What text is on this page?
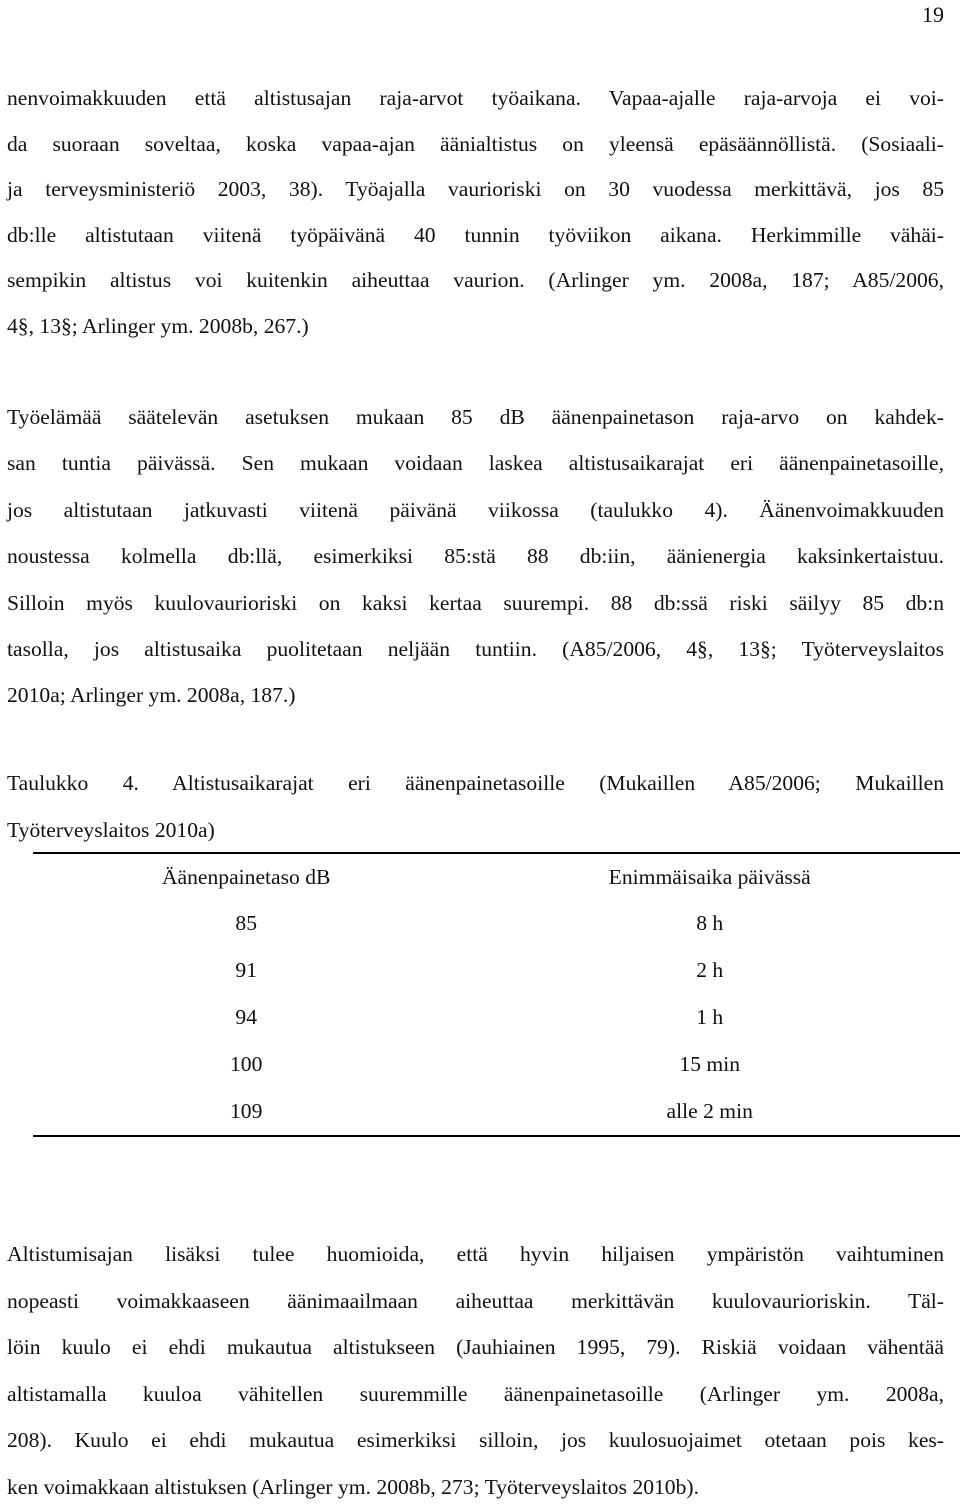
19

nenvoimakkuuden että altistusajan raja-arvot työaikana. Vapaa-ajalle raja-arvoja ei voi-
da suoraan soveltaa, koska vapaa-ajan äänialtistus on yleensä epäsäännöllistä. (Sosiaali-
ja terveysministeriö 2003, 38). Työajalla vaurioriski on 30 vuodessa merkittävä, jos 85
db:lle altistutaan viitenä työpäivänä 40 tunnin työviikon aikana. Herkimmille vähäi-
sempikin altistus voi kuitenkin aiheuttaa vaurion. (Arlinger ym. 2008a, 187; A85/2006,
4§, 13§; Arlinger ym. 2008b, 267.)

Työelämää säätelevän asetuksen mukaan 85 dB äänenpainetason raja-arvo on kahdek-
san tuntia päivässä. Sen mukaan voidaan laskea altistusaikarajat eri äänenpainetasoille,
jos altistutaan jatkuvasti viitenä päivänä viikossa (taulukko 4). Äänenvoimakkuuden
noustessa kolmella db:llä, esimerkiksi 85:stä 88 db:iin, äänienergia kaksinkertaistuu.
Silloin myös kuulovaurioriski on kaksi kertaa suurempi. 88 db:ssä riski säilyy 85 db:n
tasolla, jos altistusaika puolitetaan neljään tuntiin. (A85/2006, 4§, 13§; Työterveyslaitos
2010a; Arlinger ym. 2008a, 187.)

Taulukko 4. Altistusaikarajat eri äänenpainetasoille (Mukaillen A85/2006; Mukaillen
Työterveyslaitos 2010a)

Äänenpainetaso dB	Enimmäisaika päivässä
85	8 h
91	2 h
94	1 h
100	15 min
109	alle 2 min

Altistumisajan lisäksi tulee huomioida, että hyvin hiljaisen ympäristön vaihtuminen
nopeasti voimakkaaseen äänimaailmaan aiheuttaa merkittävän kuulovaurioriskin. Täl-
löin kuulo ei ehdi mukautua altistukseen (Jauhiainen 1995, 79). Riskiä voidaan vähentää
altistamalla kuuloa vähitellen suuremmille äänenpainetasoille (Arlinger ym. 2008a,
208). Kuulo ei ehdi mukautua esimerkiksi silloin, jos kuulosuojaimet otetaan pois kes-
ken voimakkaan altistuksen (Arlinger ym. 2008b, 273; Työterveyslaitos 2010b).
